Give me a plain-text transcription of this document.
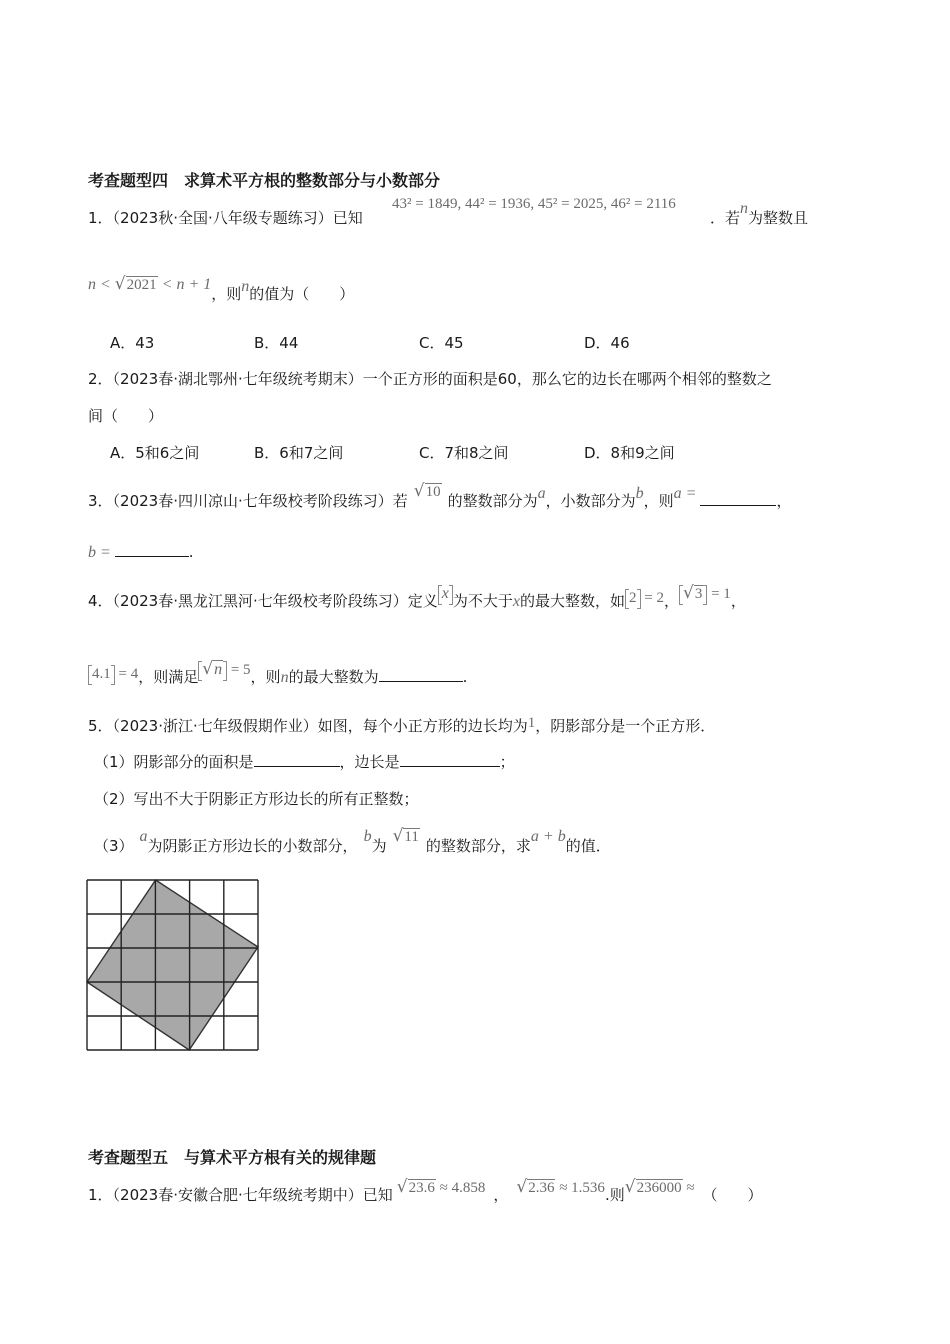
考查题型四　求算术平方根的整数部分与小数部分
1．（2023秋·全国·八年级专题练习）已知
43² = 1849, 44² = 1936, 45² = 2025, 46² = 2116
．若n为整数且
n < √2021 < n + 1，则n的值为（　　）
A．43	B．44	C．45	D．46
2．（2023春·湖北鄂州·七年级统考期末）一个正方形的面积是60，那么它的边长在哪两个相邻的整数之
间（　　）
A．5和6之间	B．6和7之间	C．7和8之间	D．8和9之间
3．（2023春·四川凉山·七年级校考阶段练习）若 √10 的整数部分为a，小数部分为b，则a =	，
b =	.
4．（2023春·黑龙江黑河·七年级校考阶段练习）定义 x 为不大于x的最大整数，如 2 = 2， √3 = 1，
4.1 = 4，则满足 √n = 5，则n的最大整数为	.
5．（2023·浙江·七年级假期作业）如图，每个小正方形的边长均为1，阴影部分是一个正方形．
（1）阴影部分的面积是	，边长是	；
（2）写出不大于阴影正方形边长的所有正整数；
（3）a为阴影正方形边长的小数部分，b为 √11 的整数部分，求a + b的值．
考查题型五　与算术平方根有关的规律题
1．（2023春·安徽合肥·七年级统考期中）已知 √23.6 ≈ 4.858 ， √2.36 ≈ 1.536.则√236000 ≈ （　　）
